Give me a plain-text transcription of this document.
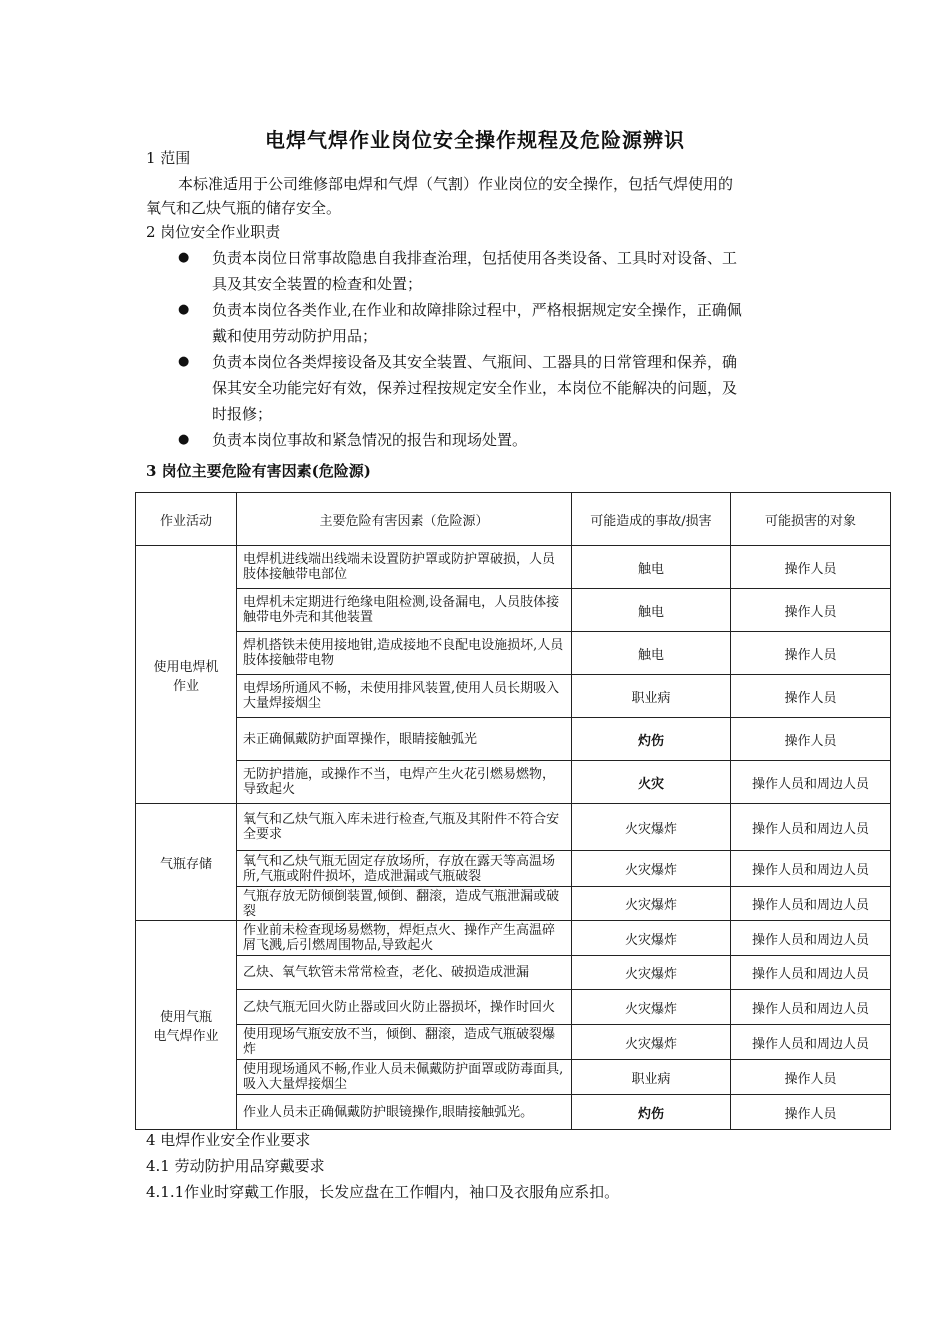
电焊气焊作业岗位安全操作规程及危险源辨识
1 范围
本标准适用于公司维修部电焊和气焊（气割）作业岗位的安全操作，包括气焊使用的
氧气和乙炔气瓶的储存安全。
2 岗位安全作业职责
● 负责本岗位日常事故隐患自我排查治理，包括使用各类设备、工具时对设备、工
具及其安全装置的检查和处置；
● 负责本岗位各类作业,在作业和故障排除过程中，严格根据规定安全操作，正确佩
戴和使用劳动防护用品；
● 负责本岗位各类焊接设备及其安全装置、气瓶间、工器具的日常管理和保养，确
保其安全功能完好有效，保养过程按规定安全作业，本岗位不能解决的问题，及
时报修；
● 负责本岗位事故和紧急情况的报告和现场处置。
3 岗位主要危险有害因素(危险源)
作业活动	主要危险有害因素（危险源）	可能造成的事故/损害	可能损害的对象
使用电焊机
作业	电焊机进线端出线端未设置防护罩或防护罩破损，人员肢体接触带电部位	触电	操作人员
	电焊机未定期进行绝缘电阻检测,设备漏电，人员肢体接触带电外壳和其他装置	触电	操作人员
	焊机搭铁未使用接地钳,造成接地不良配电设施损坏,人员肢体接触带电物	触电	操作人员
	电焊场所通风不畅，未使用排风装置,使用人员长期吸入大量焊接烟尘	职业病	操作人员
	未正确佩戴防护面罩操作，眼睛接触弧光	灼伤	操作人员
	无防护措施，或操作不当，电焊产生火花引燃易燃物，导致起火	火灾	操作人员和周边人员
气瓶存储	氧气和乙炔气瓶入库未进行检查,气瓶及其附件不符合安全要求	火灾爆炸	操作人员和周边人员
	氧气和乙炔气瓶无固定存放场所，存放在露天等高温场所,气瓶或附件损坏，造成泄漏或气瓶破裂	火灾爆炸	操作人员和周边人员
	气瓶存放无防倾倒装置,倾倒、翻滚，造成气瓶泄漏或破裂	火灾爆炸	操作人员和周边人员
使用气瓶
电气焊作业	作业前未检查现场易燃物，焊炬点火、操作产生高温碎屑飞溅,后引燃周围物品,导致起火	火灾爆炸	操作人员和周边人员
	乙炔、氧气软管未常常检查，老化、破损造成泄漏	火灾爆炸	操作人员和周边人员
	乙炔气瓶无回火防止器或回火防止器损坏，操作时回火	火灾爆炸	操作人员和周边人员
	使用现场气瓶安放不当，倾倒、翻滚，造成气瓶破裂爆炸	火灾爆炸	操作人员和周边人员
	使用现场通风不畅,作业人员未佩戴防护面罩或防毒面具,吸入大量焊接烟尘	职业病	操作人员
	作业人员未正确佩戴防护眼镜操作,眼睛接触弧光。	灼伤	操作人员
4 电焊作业安全作业要求
4.1 劳动防护用品穿戴要求
4.1.1作业时穿戴工作服，长发应盘在工作帽内，袖口及衣服角应系扣。
